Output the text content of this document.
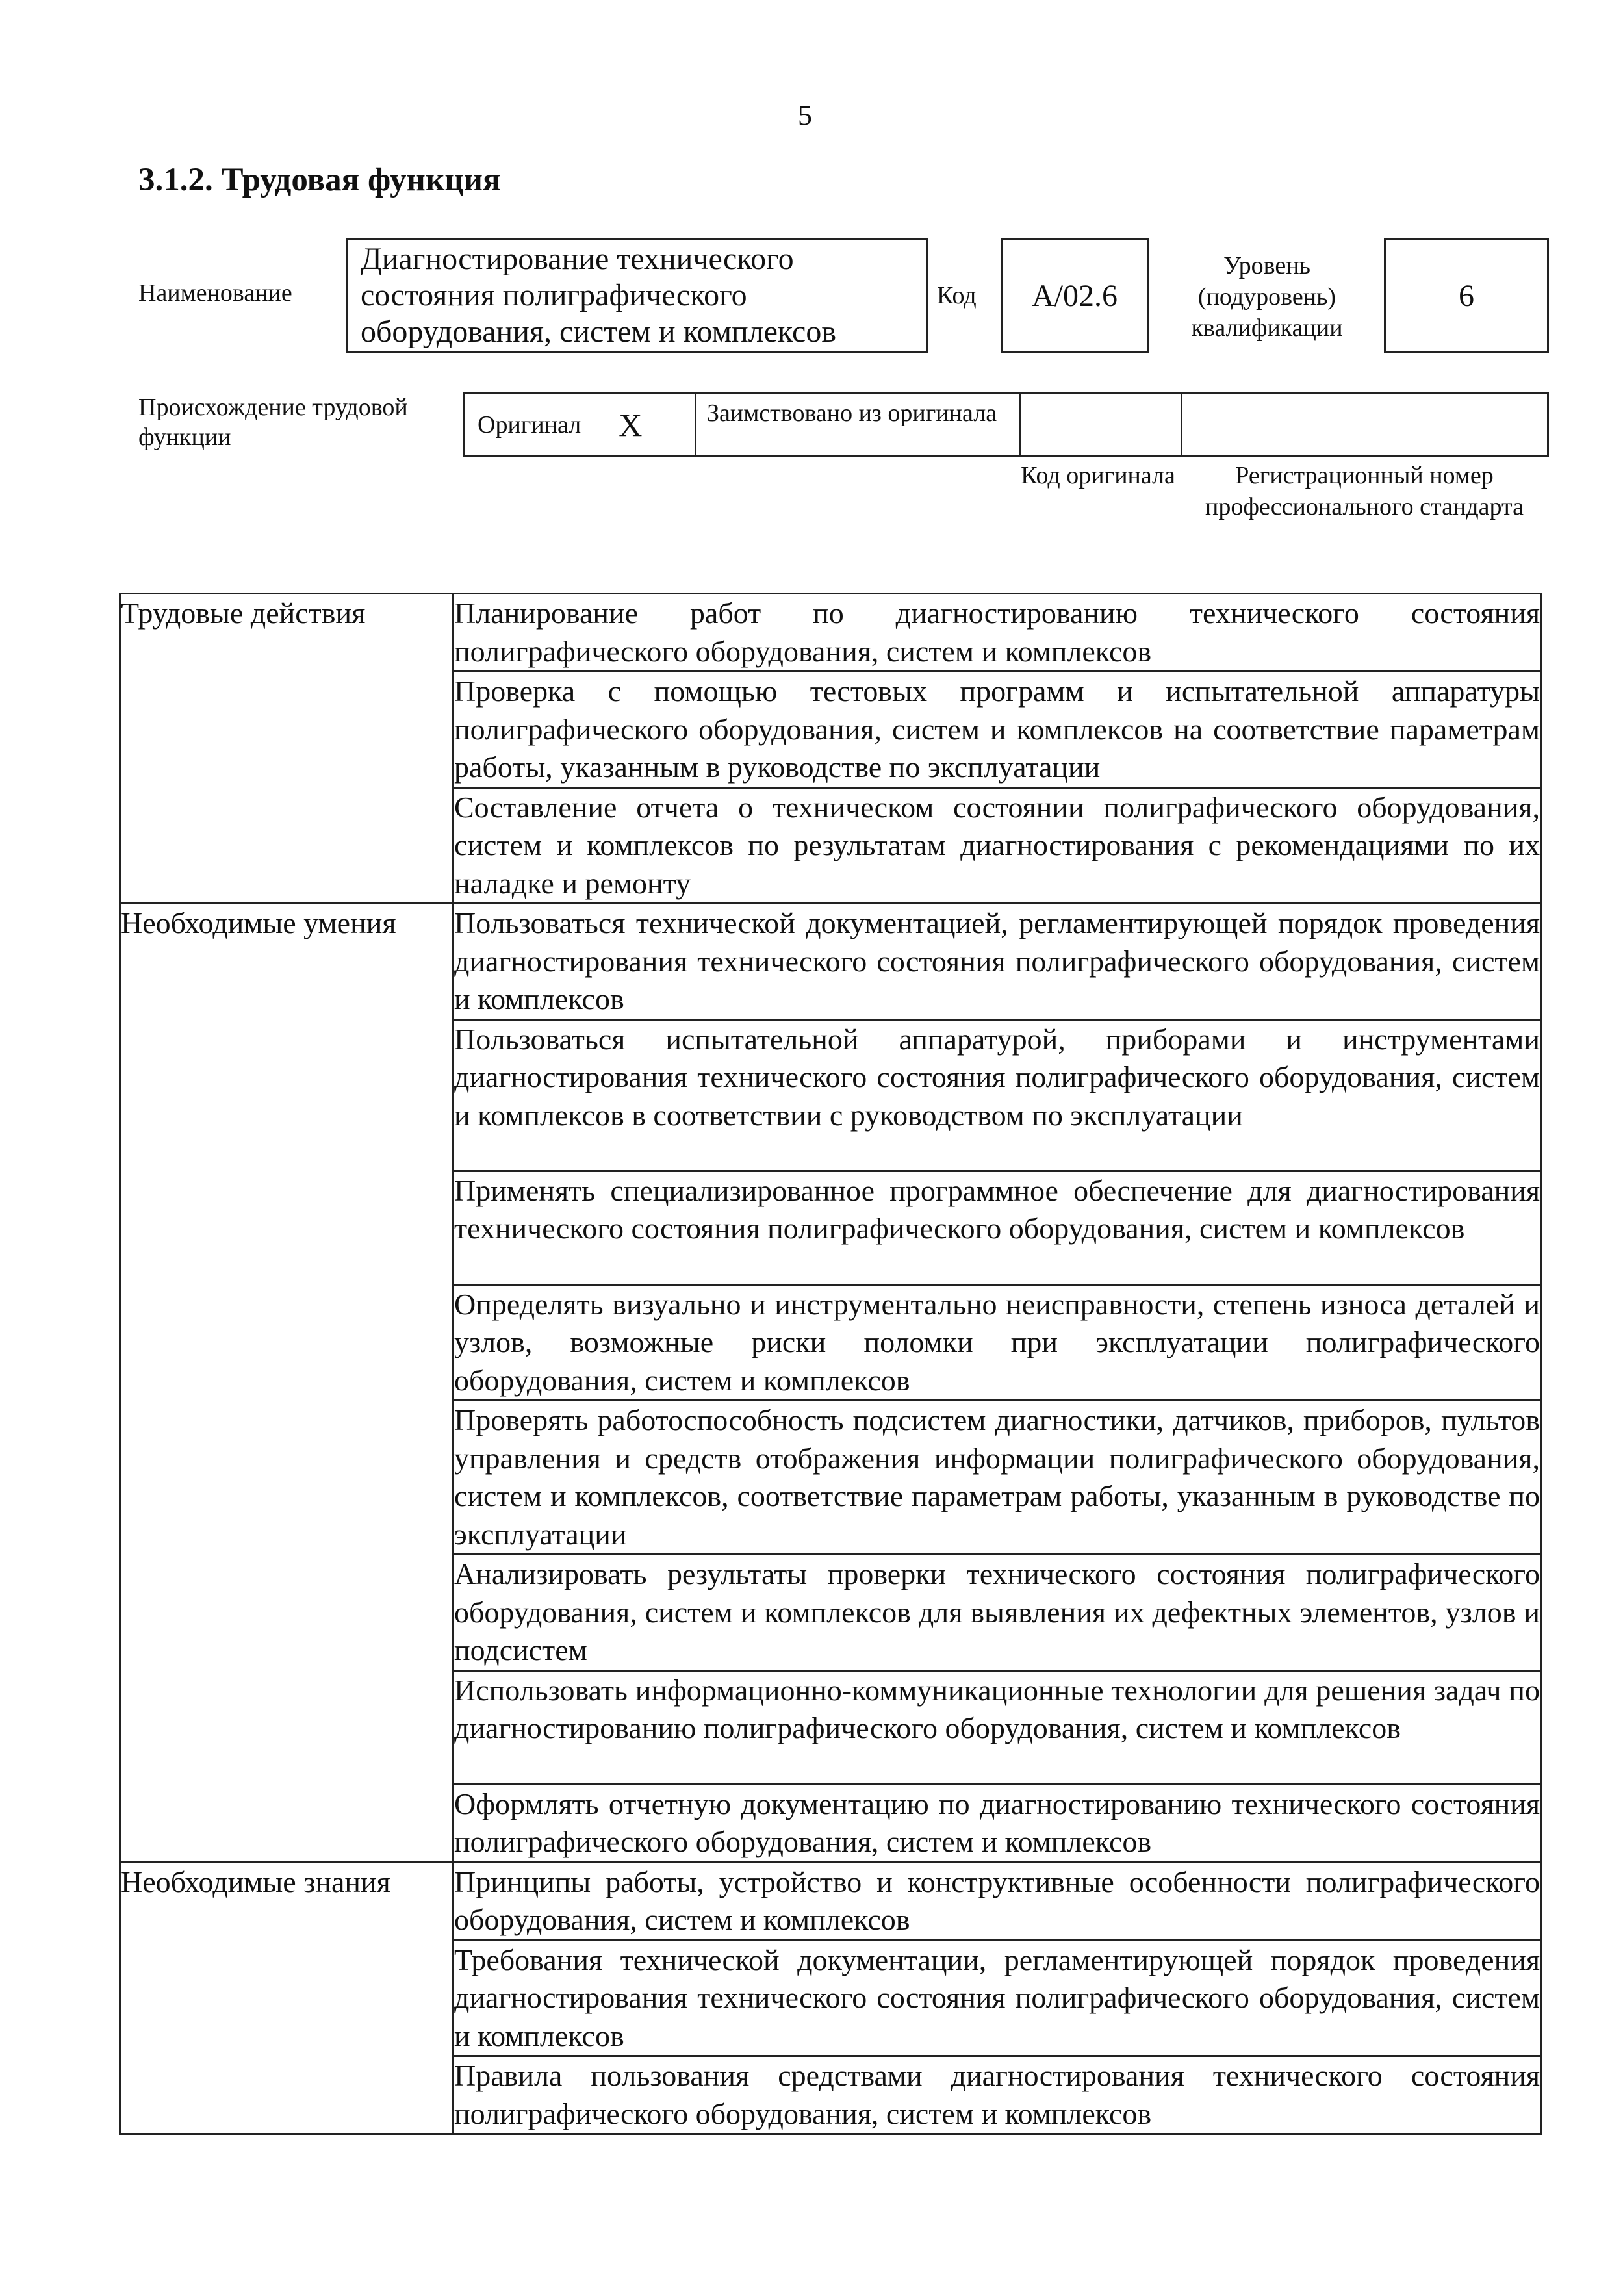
5
3.1.2. Трудовая функция
Наименование
Диагностирование технического состояния полиграфического оборудования, систем и комплексов
Код	A/02.6
Уровень (подуровень) квалификации
6
Происхождение трудовой функции	Оригинал X	Заимствовано из оригинала
Код оригинала	Регистрационный номер профессионального стандарта
Трудовые действия	Планирование работ по диагностированию технического состояния полиграфического оборудования, систем и комплексов
	Проверка с помощью тестовых программ и испытательной аппаратуры полиграфического оборудования, систем и комплексов на соответствие параметрам работы, указанным в руководстве по эксплуатации
	Составление отчета о техническом состоянии полиграфического оборудования, систем и комплексов по результатам диагностирования с рекомендациями по их наладке и ремонту
Необходимые умения	Пользоваться технической документацией, регламентирующей порядок проведения диагностирования технического состояния полиграфического оборудования, систем и комплексов
	Пользоваться испытательной аппаратурой, приборами и инструментами диагностирования технического состояния полиграфического оборудования, систем и комплексов в соответствии с руководством по эксплуатации
	Применять специализированное программное обеспечение для диагностирования технического состояния полиграфического оборудования, систем и комплексов
	Определять визуально и инструментально неисправности, степень износа деталей и узлов, возможные риски поломки при эксплуатации полиграфического оборудования, систем и комплексов
	Проверять работоспособность подсистем диагностики, датчиков, приборов, пультов управления и средств отображения информации полиграфического оборудования, систем и комплексов, соответствие параметрам работы, указанным в руководстве по эксплуатации
	Анализировать результаты проверки технического состояния полиграфического оборудования, систем и комплексов для выявления их дефектных элементов, узлов и подсистем
	Использовать информационно-коммуникационные технологии для решения задач по диагностированию полиграфического оборудования, систем и комплексов
	Оформлять отчетную документацию по диагностированию технического состояния полиграфического оборудования, систем и комплексов
Необходимые знания	Принципы работы, устройство и конструктивные особенности полиграфического оборудования, систем и комплексов
	Требования технической документации, регламентирующей порядок проведения диагностирования технического состояния полиграфического оборудования, систем и комплексов
	Правила пользования средствами диагностирования технического состояния полиграфического оборудования, систем и комплексов
